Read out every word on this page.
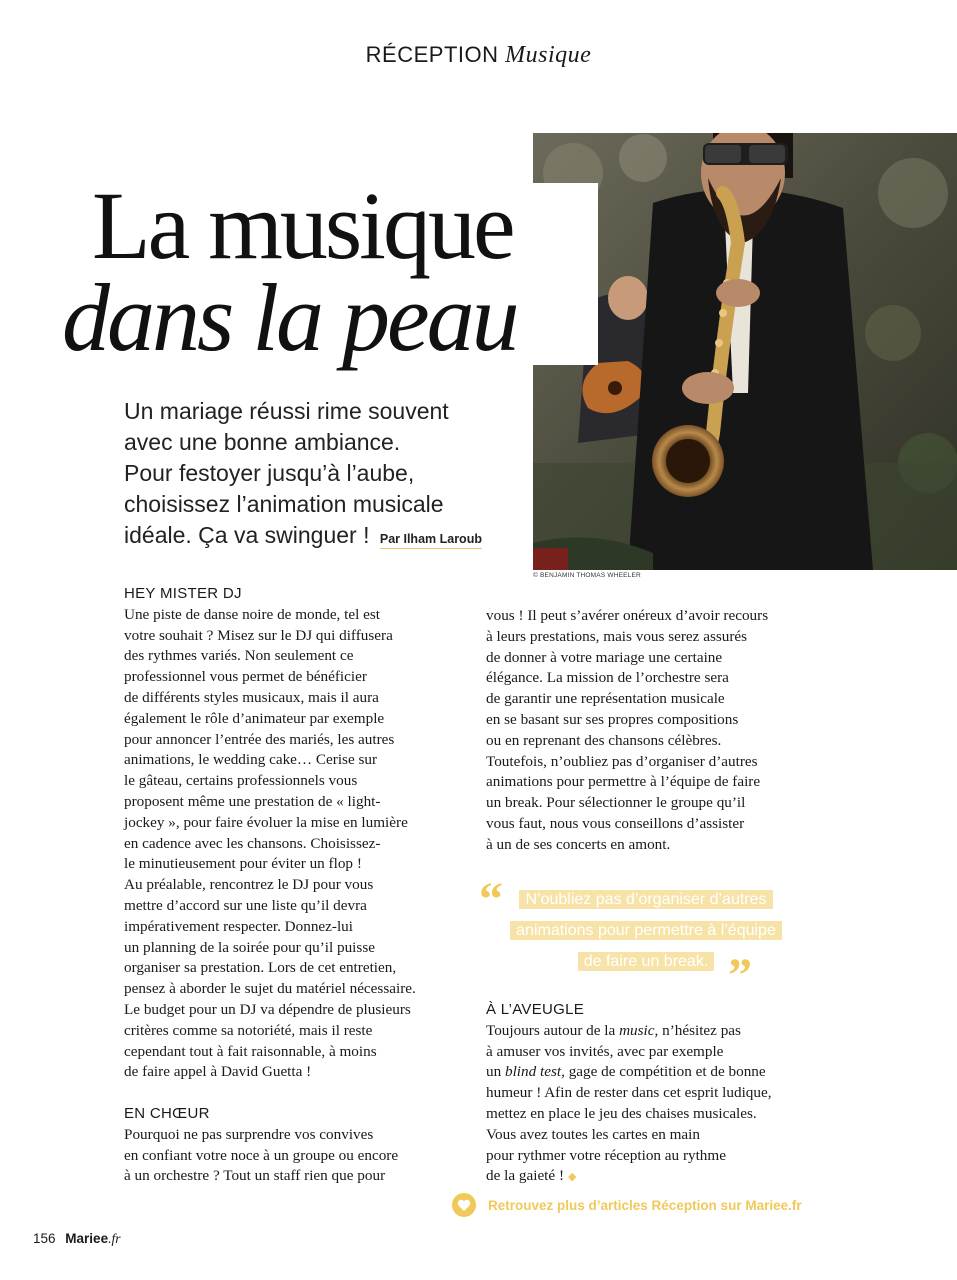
RÉCEPTION Musique
La musique
dans la peau

Un mariage réussi rime souvent

avec une bonne ambiance.

Pour festoyer jusqu’à l’aube,

choisissez l’animation musicale

idéale. Ça va swinguer ! Par Ilham Laroub

© BENJAMIN THOMAS WHEELER

HEY MISTER DJ

Une piste de danse noire de monde, tel est

votre souhait ? Misez sur le DJ qui diffusera

des rythmes variés. Non seulement ce

professionnel vous permet de bénéficier

de différents styles musicaux, mais il aura

également le rôle d’animateur par exemple

pour annoncer l’entrée des mariés, les autres

animations, le wedding cake… Cerise sur

le gâteau, certains professionnels vous

proposent même une prestation de « light-

jockey », pour faire évoluer la mise en lumière

en cadence avec les chansons. Choisissez-

le minutieusement pour éviter un flop !

Au préalable, rencontrez le DJ pour vous

mettre d’accord sur une liste qu’il devra

impérativement respecter. Donnez-lui

un planning de la soirée pour qu’il puisse

organiser sa prestation. Lors de cet entretien,

pensez à aborder le sujet du matériel nécessaire.

Le budget pour un DJ va dépendre de plusieurs

critères comme sa notoriété, mais il reste

cependant tout à fait raisonnable, à moins

de faire appel à David Guetta !

EN CHŒUR

Pourquoi ne pas surprendre vos convives

en confiant votre noce à un groupe ou encore

à un orchestre ? Tout un staff rien que pour

vous ! Il peut s’avérer onéreux d’avoir recours

à leurs prestations, mais vous serez assurés

de donner à votre mariage une certaine

élégance. La mission de l’orchestre sera

de garantir une représentation musicale

en se basant sur ses propres compositions

ou en reprenant des chansons célèbres.

Toutefois, n’oubliez pas d’organiser d’autres

animations pour permettre à l’équipe de faire

un break. Pour sélectionner le groupe qu’il

vous faut, nous vous conseillons d’assister

à un de ses concerts en amont.

“	N’oubliez pas d’organiser d’autres
animations pour permettre à l’équipe
de faire un break. ”

À L’AVEUGLE

Toujours autour de la music, n’hésitez pas

à amuser vos invités, avec par exemple

un blind test, gage de compétition et de bonne

humeur ! Afin de rester dans cet esprit ludique,

mettez en place le jeu des chaises musicales.

Vous avez toutes les cartes en main

pour rythmer votre réception au rythme

de la gaieté ! ◆

Retrouvez plus d’articles Réception sur Mariee.fr
156 Mariee.fr
